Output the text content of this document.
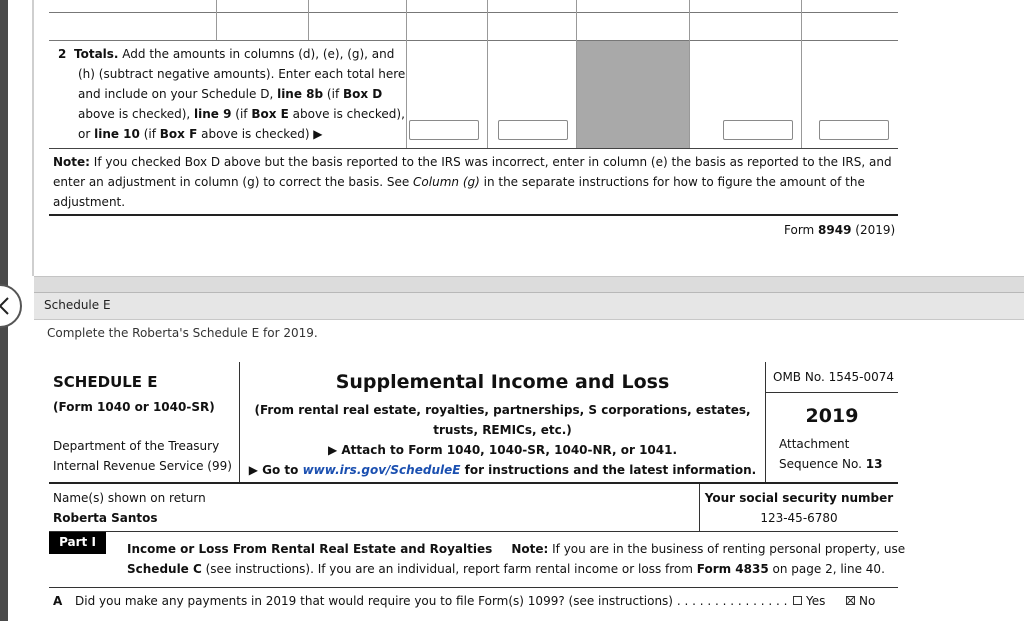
2 Totals. Add the amounts in columns (d), (e), (g), and
(h) (subtract negative amounts). Enter each total here
and include on your Schedule D, line 8b (if Box D
above is checked), line 9 (if Box E above is checked),
or line 10 (if Box F above is checked) ▶
Note: If you checked Box D above but the basis reported to the IRS was incorrect, enter in column (e) the basis as reported to the IRS, and
enter an adjustment in column (g) to correct the basis. See Column (g) in the separate instructions for how to figure the amount of the
adjustment.
Form 8949 (2019)
Schedule E
Complete the Roberta's Schedule E for 2019.
SCHEDULE E
(Form 1040 or 1040-SR)
Department of the Treasury
Internal Revenue Service (99)
Supplemental Income and Loss
(From rental real estate, royalties, partnerships, S corporations, estates,
trusts, REMICs, etc.)
▶ Attach to Form 1040, 1040-SR, 1040-NR, or 1041.
▶ Go to www.irs.gov/ScheduleE for instructions and the latest information.
OMB No. 1545-0074
2019
Attachment
Sequence No. 13
Name(s) shown on return
Roberta Santos
Your social security number
123-45-6780
Part I	Income or Loss From Rental Real Estate and Royalties Note: If you are in the business of renting personal property, use
Schedule C (see instructions). If you are an individual, report farm rental income or loss from Form 4835 on page 2, line 40.
A Did you make any payments in 2019 that would require you to file Form(s) 1099? (see instructions) . . . . . . . . . . . . . . .	Yes	No
